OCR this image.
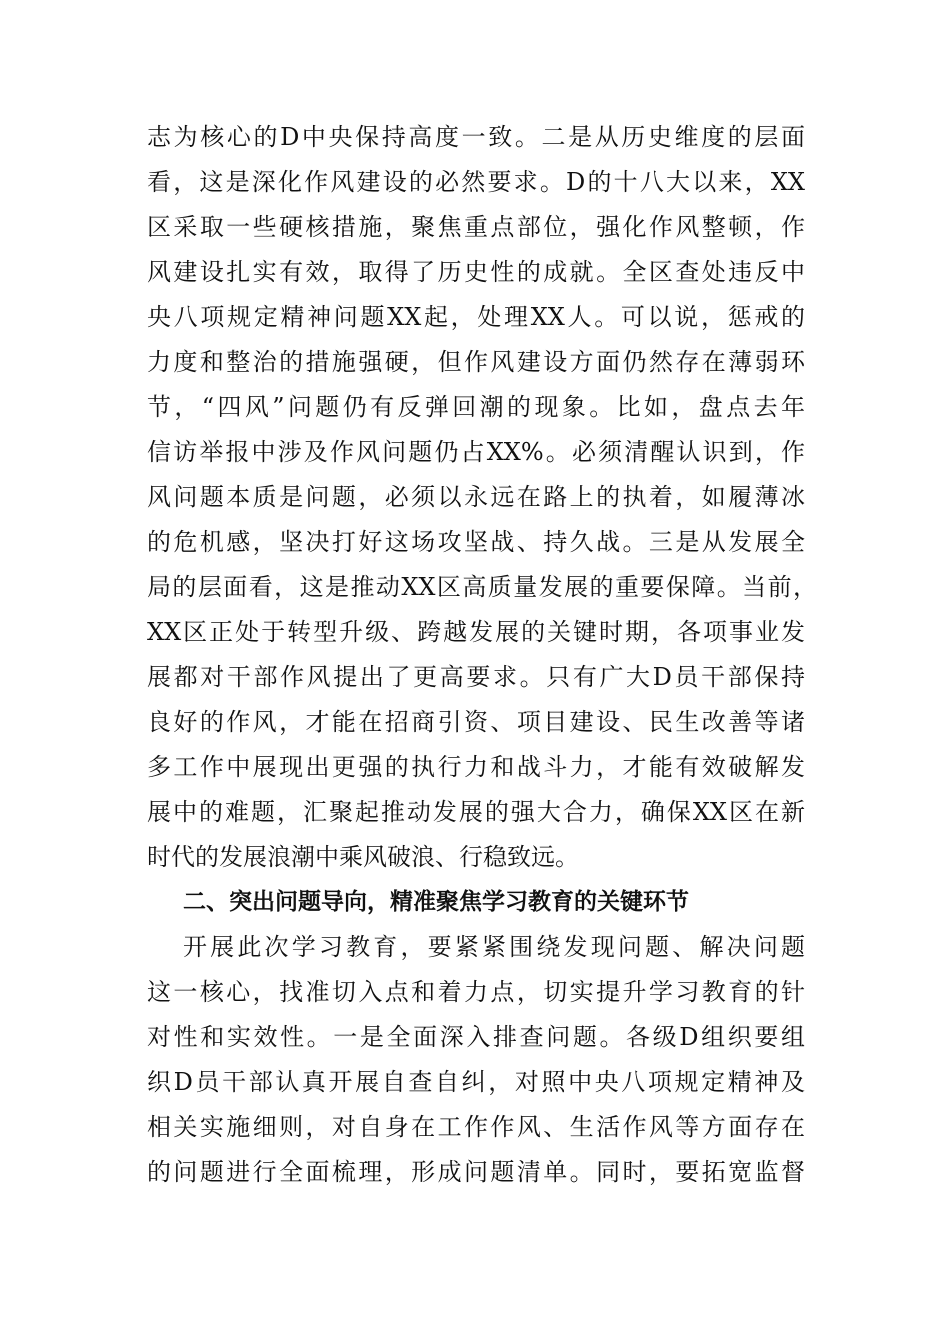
志为核心的D中央保持高度一致。二是从历史维度的层面
看，这是深化作风建设的必然要求。D的十八大以来，XX
区采取一些硬核措施，聚焦重点部位，强化作风整顿，作
风建设扎实有效，取得了历史性的成就。全区查处违反中
央八项规定精神问题XX起，处理XX人。可以说，惩戒的
力度和整治的措施强硬，但作风建设方面仍然存在薄弱环
节，“四风”问题仍有反弹回潮的现象。比如，盘点去年
信访举报中涉及作风问题仍占XX%。必须清醒认识到，作
风问题本质是问题，必须以永远在路上的执着，如履薄冰
的危机感，坚决打好这场攻坚战、持久战。三是从发展全
局的层面看，这是推动XX区高质量发展的重要保障。当前，
XX区正处于转型升级、跨越发展的关键时期，各项事业发
展都对干部作风提出了更高要求。只有广大D员干部保持
良好的作风，才能在招商引资、项目建设、民生改善等诸
多工作中展现出更强的执行力和战斗力，才能有效破解发
展中的难题，汇聚起推动发展的强大合力，确保XX区在新
时代的发展浪潮中乘风破浪、行稳致远。
二、突出问题导向，精准聚焦学习教育的关键环节
开展此次学习教育，要紧紧围绕发现问题、解决问题
这一核心，找准切入点和着力点，切实提升学习教育的针
对性和实效性。一是全面深入排查问题。各级D组织要组
织D员干部认真开展自查自纠，对照中央八项规定精神及
相关实施细则，对自身在工作作风、生活作风等方面存在
的问题进行全面梳理，形成问题清单。同时，要拓宽监督
